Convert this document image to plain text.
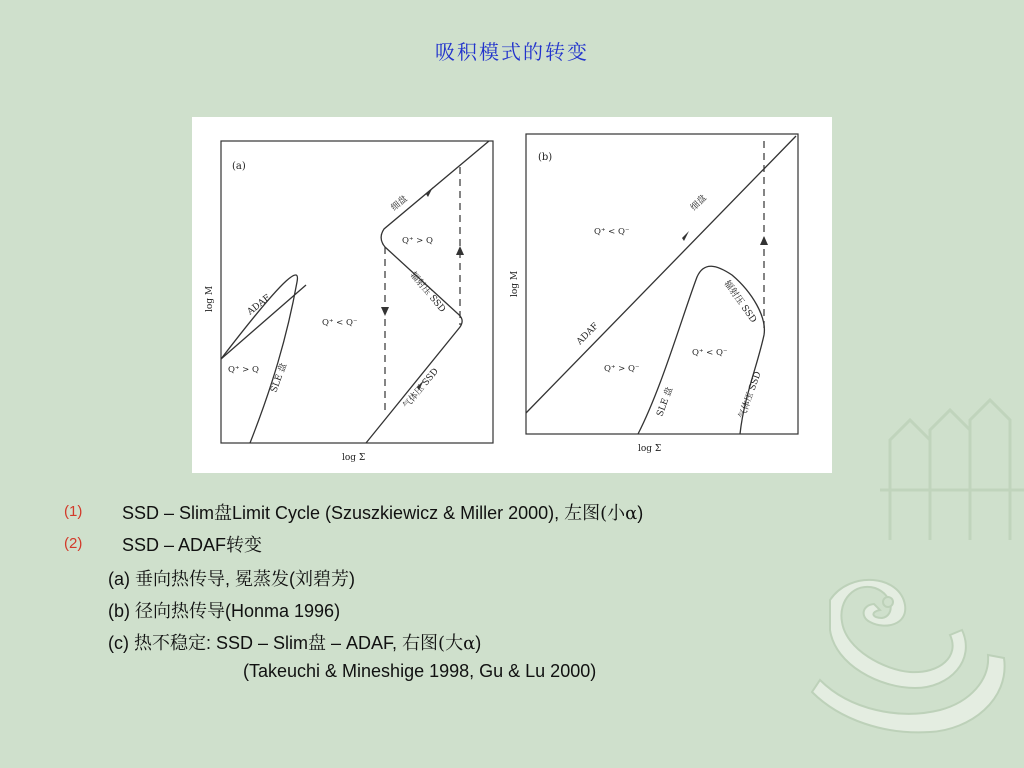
吸积模式的转变
(a)
log M
log Σ
ADAF
细盘
Q⁺ > Q
Q⁺ < Q⁻
Q⁺ > Q
SLE 盘
辐射压 SSD
气体压 SSD
(b)
log M
log Σ
ADAF
细盘
Q⁺ < Q⁻
Q⁺ > Q⁻
Q⁺ < Q⁻
SLE 盘
辐射压 SSD
气体压 SSD
(1) SSD – Slim盘Limit Cycle (Szuszkiewicz & Miller 2000), 左图(小α)
(2) SSD – ADAF转变
(a) 垂向热传导, 冕蒸发(刘碧芳)
(b) 径向热传导(Honma 1996)
(c) 热不稳定: SSD – Slim盘 – ADAF, 右图(大α)
(Takeuchi & Mineshige 1998, Gu & Lu 2000)
